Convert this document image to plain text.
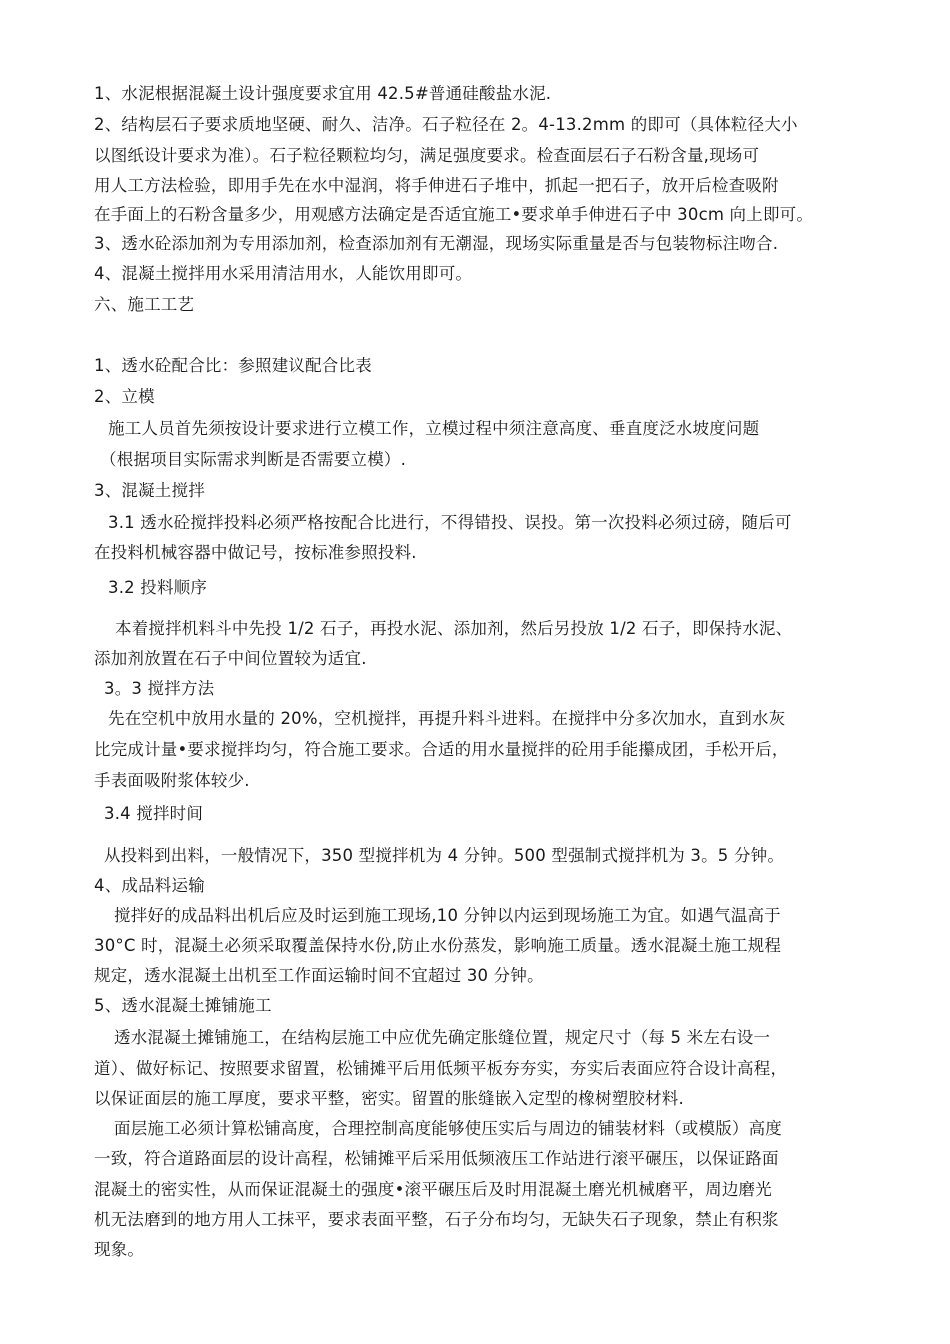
1、水泥根据混凝土设计强度要求宜用 42.5#普通硅酸盐水泥.
2、结构层石子要求质地坚硬、耐久、洁净。石子粒径在 2。4-13.2mm 的即可（具体粒径大小
以图纸设计要求为准）。石子粒径颗粒均匀，满足强度要求。检查面层石子石粉含量,现场可
用人工方法检验，即用手先在水中湿润，将手伸进石子堆中，抓起一把石子，放开后检查吸附
在手面上的石粉含量多少，用观感方法确定是否适宜施工•要求单手伸进石子中 30cm 向上即可。
3、透水砼添加剂为专用添加剂，检查添加剂有无潮湿，现场实际重量是否与包装物标注吻合.
4、混凝土搅拌用水采用清洁用水，人能饮用即可。
六、施工工艺
1、透水砼配合比：参照建议配合比表
2、立模
施工人员首先须按设计要求进行立模工作，立模过程中须注意高度、垂直度泛水坡度问题
（根据项目实际需求判断是否需要立模）.
3、混凝土搅拌
3.1 透水砼搅拌投料必须严格按配合比进行，不得错投、误投。第一次投料必须过磅，随后可
在投料机械容器中做记号，按标准参照投料.
3.2 投料顺序
本着搅拌机料斗中先投 1/2 石子，再投水泥、添加剂，然后另投放 1/2 石子，即保持水泥、
添加剂放置在石子中间位置较为适宜.
3。3 搅拌方法
先在空机中放用水量的 20%，空机搅拌，再提升料斗进料。在搅拌中分多次加水，直到水灰
比完成计量•要求搅拌均匀，符合施工要求。合适的用水量搅拌的砼用手能攥成团，手松开后，
手表面吸附浆体较少.
3.4 搅拌时间
从投料到出料，一般情况下，350 型搅拌机为 4 分钟。500 型强制式搅拌机为 3。5 分钟。
4、成品料运输
搅拌好的成品料出机后应及时运到施工现场,10 分钟以内运到现场施工为宜。如遇气温高于
30°C 时，混凝土必须采取覆盖保持水份,防止水份蒸发，影响施工质量。透水混凝土施工规程
规定，透水混凝土出机至工作面运输时间不宜超过 30 分钟。
5、透水混凝土摊铺施工
透水混凝土摊铺施工，在结构层施工中应优先确定胀缝位置，规定尺寸（每 5 米左右设一
道）、做好标记、按照要求留置，松铺摊平后用低频平板夯夯实，夯实后表面应符合设计高程，
以保证面层的施工厚度，要求平整，密实。留置的胀缝嵌入定型的橡树塑胶材料.
面层施工必须计算松铺高度，合理控制高度能够使压实后与周边的铺装材料（或模版）高度
一致，符合道路面层的设计高程，松铺摊平后采用低频液压工作站进行滚平碾压，以保证路面
混凝土的密实性，从而保证混凝土的强度•滚平碾压后及时用混凝土磨光机械磨平，周边磨光
机无法磨到的地方用人工抹平，要求表面平整，石子分布均匀，无缺失石子现象，禁止有积浆
现象。
